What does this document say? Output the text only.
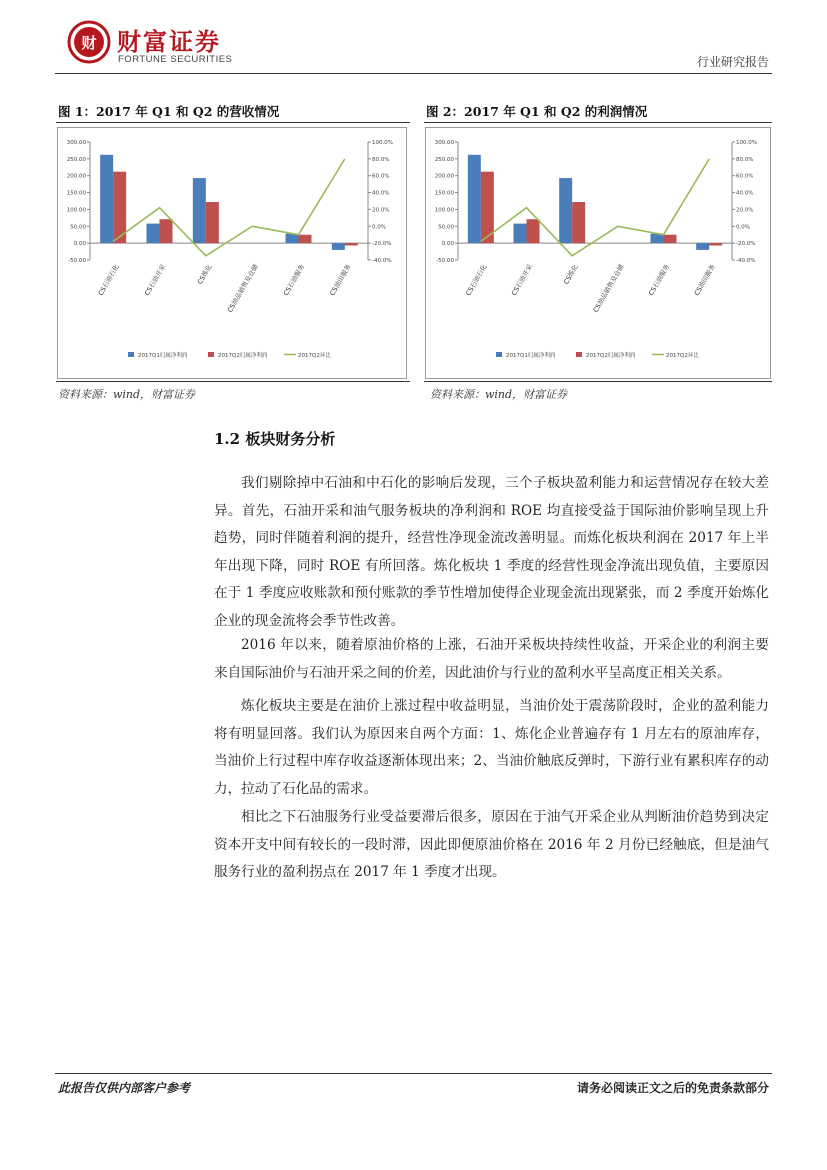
财 财富证券
FORTUNE SECURITIES	行业研究报告
图 1：2017 年 Q1 和 Q2 的营收情况
-50.00
0.00
50.00
100.00
150.00
200.00
250.00
300.00
-40.0%
-20.0%
0.0%
20.0%
40.0%
60.0%
80.0%
100.0%
CS石油石化	CS石油开采	CS炼化 CS油品销售及仓储	CS石油服务	CS油田服务
2017Q1归属净利润	2017Q2归属净利润	2017Q2环比
资料来源：wind，财富证券
图 2：2017 年 Q1 和 Q2 的利润情况
-50.00
0.00
50.00
100.00
150.00
200.00
250.00
300.00
-40.0%
-20.0%
0.0%
20.0%
40.0%
60.0%
80.0%
100.0%
CS石油石化	CS石油开采	CS炼化 CS油品销售及仓储	CS石油服务	CS油田服务
2017Q1归属净利润	2017Q2归属净利润	2017Q2环比
资料来源：wind，财富证券
1.2 板块财务分析
我们剔除掉中石油和中石化的影响后发现，三个子板块盈利能力和运营情况存在较大差异。首先，石油开采和油气服务板块的净利润和 ROE 均直接受益于国际油价影响呈现上升趋势，同时伴随着利润的提升，经营性净现金流改善明显。而炼化板块利润在 2017 年上半年出现下降，同时 ROE 有所回落。炼化板块 1 季度的经营性现金净流出现负值，主要原因在于 1 季度应收账款和预付账款的季节性增加使得企业现金流出现紧张，而 2 季度开始炼化企业的现金流将会季节性改善。
2016 年以来，随着原油价格的上涨，石油开采板块持续性收益，开采企业的利润主要来自国际油价与石油开采之间的价差，因此油价与行业的盈利水平呈高度正相关关系。
炼化板块主要是在油价上涨过程中收益明显，当油价处于震荡阶段时，企业的盈利能力将有明显回落。我们认为原因来自两个方面：1、炼化企业普遍存有 1 月左右的原油库存，当油价上行过程中库存收益逐渐体现出来；2、当油价触底反弹时，下游行业有累积库存的动力，拉动了石化品的需求。
相比之下石油服务行业受益要滞后很多，原因在于油气开采企业从判断油价趋势到决定资本开支中间有较长的一段时滞，因此即便原油价格在 2016 年 2 月份已经触底，但是油气服务行业的盈利拐点在 2017 年 1 季度才出现。
此报告仅供内部客户参考	请务必阅读正文之后的免责条款部分
